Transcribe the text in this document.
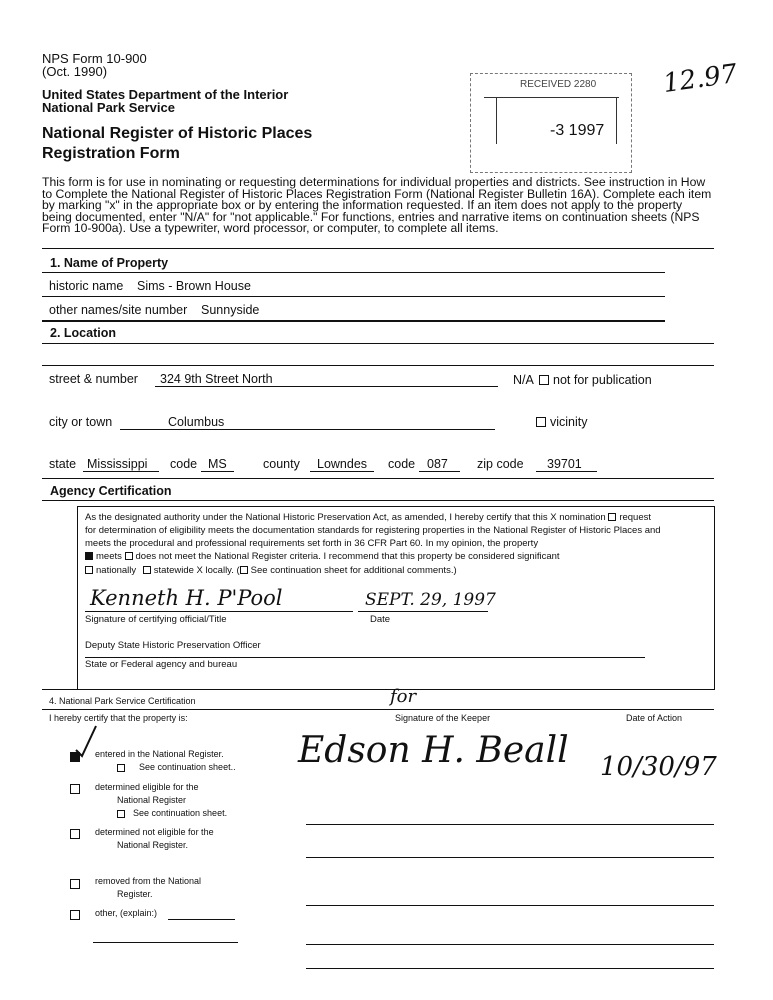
NPS Form 10-900
(Oct. 1990)
United States Department of the Interior
National Park Service
National Register of Historic Places
Registration Form
RECEIVED 2280
-3 1997
12.97
This form is for use in nominating or requesting determinations for individual properties and districts. See instruction in How to Complete the National Register of Historic Places Registration Form (National Register Bulletin 16A). Complete each item by marking "x" in the appropriate box or by entering the information requested. If an item does not apply to the property being documented, enter "N/A" for "not applicable." For functions, entries and narrative items on continuation sheets (NPS Form 10-900a). Use a typewriter, word processor, or computer, to complete all items.
1. Name of Property
historic name Sims - Brown House
other names/site number Sunnyside
2. Location
street & number 324 9th Street North	N/A not for publication
city or town	Columbus	vicinity
state Mississippi code MS	county Lowndes code 087 zip code 39701
Agency Certification
As the designated authority under the National Historic Preservation Act, as amended, I hereby certify that this X nomination request
for determination of eligibility meets the documentation standards for registering properties in the National Register of Historic Places and
meets the procedural and professional requirements set forth in 36 CFR Part 60. In my opinion, the property
meets does not meet the National Register criteria. I recommend that this property be considered significant
nationally statewide X locally. ( See continuation sheet for additional comments.)
Kenneth H. P'Pool	SEPT. 29, 1997
Signature of certifying official/Title	Date
Deputy State Historic Preservation Officer
State or Federal agency and bureau
4. National Park Service Certification
I hereby certify that the property is:	Signature of the Keeper	Date of Action
for
Edson H. Beall 10/30/97
entered in the National Register.
See continuation sheet..
determined eligible for the
National Register
See continuation sheet.
determined not eligible for the
National Register.
removed from the National
Register.
other, (explain:)
